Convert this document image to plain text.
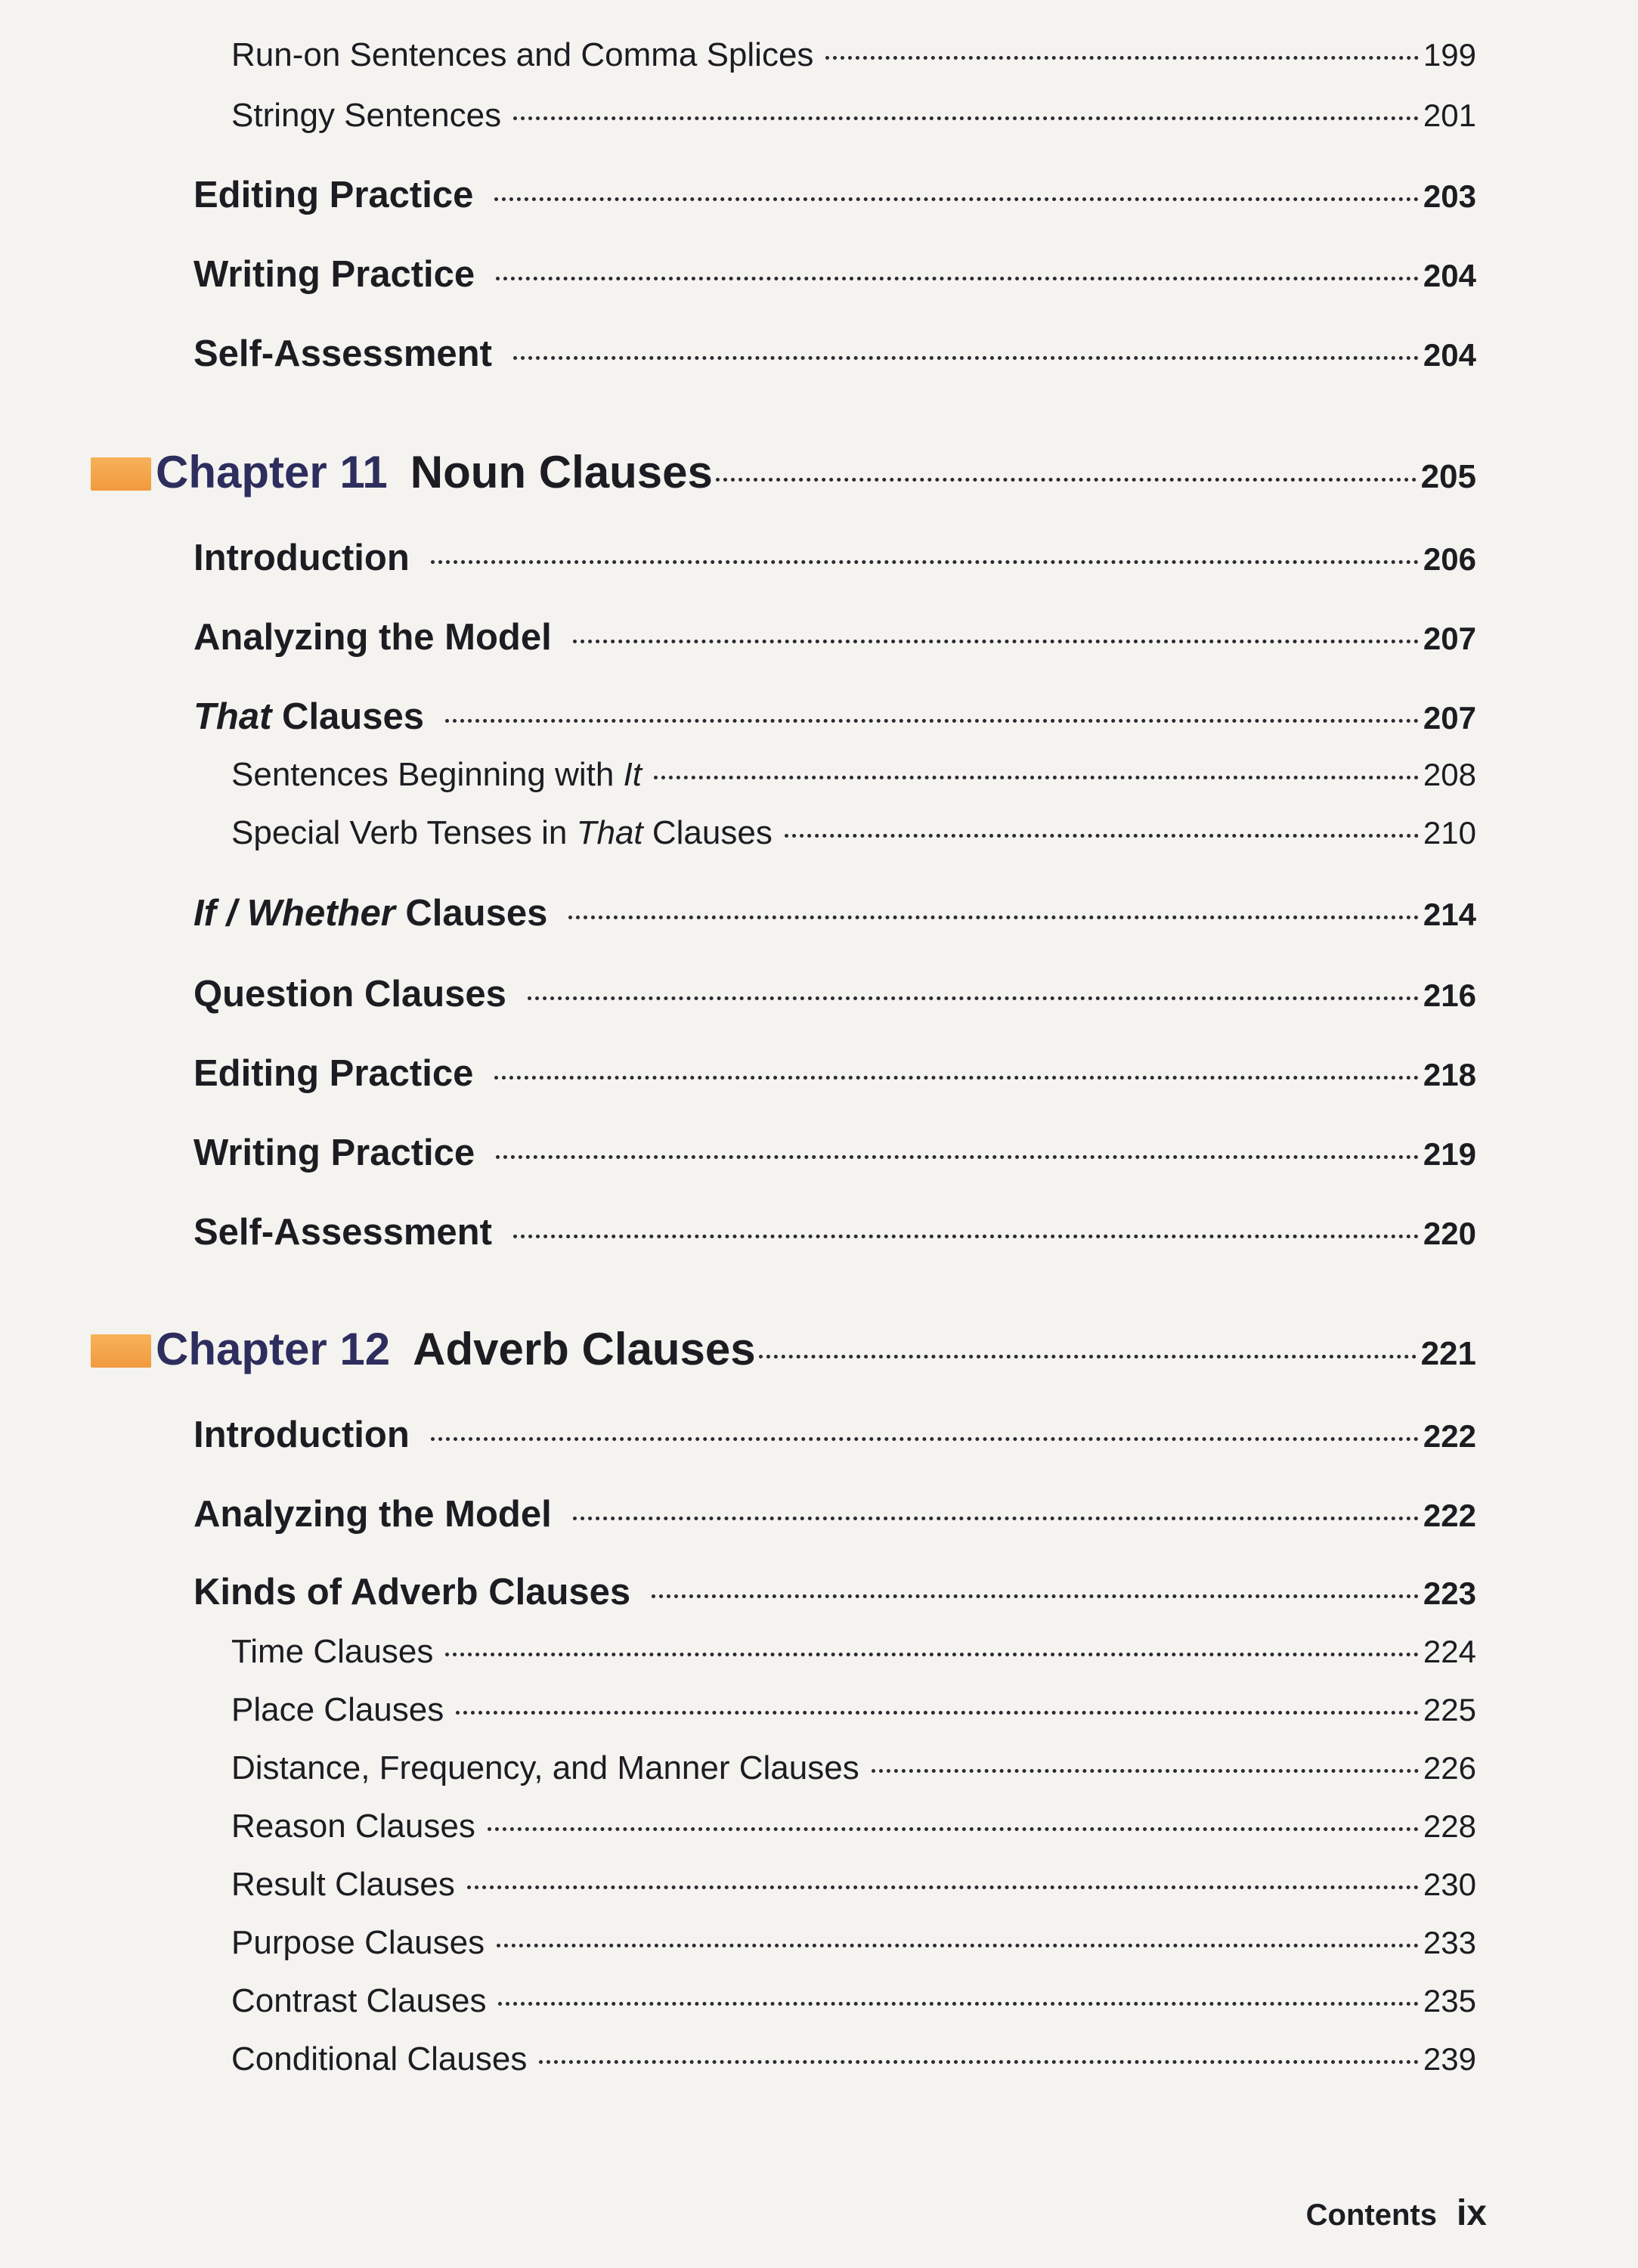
Run-on Sentences and Comma Splices	199
Stringy Sentences	201
Editing Practice	203
Writing Practice	204
Self-Assessment	204
Chapter 11 Noun Clauses	205
Introduction	206
Analyzing the Model	207
That Clauses	207
Sentences Beginning with It	208
Special Verb Tenses in That Clauses	210
If / Whether Clauses	214
Question Clauses	216
Editing Practice	218
Writing Practice	219
Self-Assessment	220
Chapter 12 Adverb Clauses	221
Introduction	222
Analyzing the Model	222
Kinds of Adverb Clauses	223
Time Clauses	224
Place Clauses	225
Distance, Frequency, and Manner Clauses	226
Reason Clauses	228
Result Clauses	230
Purpose Clauses	233
Contrast Clauses	235
Conditional Clauses	239
Contents ix
